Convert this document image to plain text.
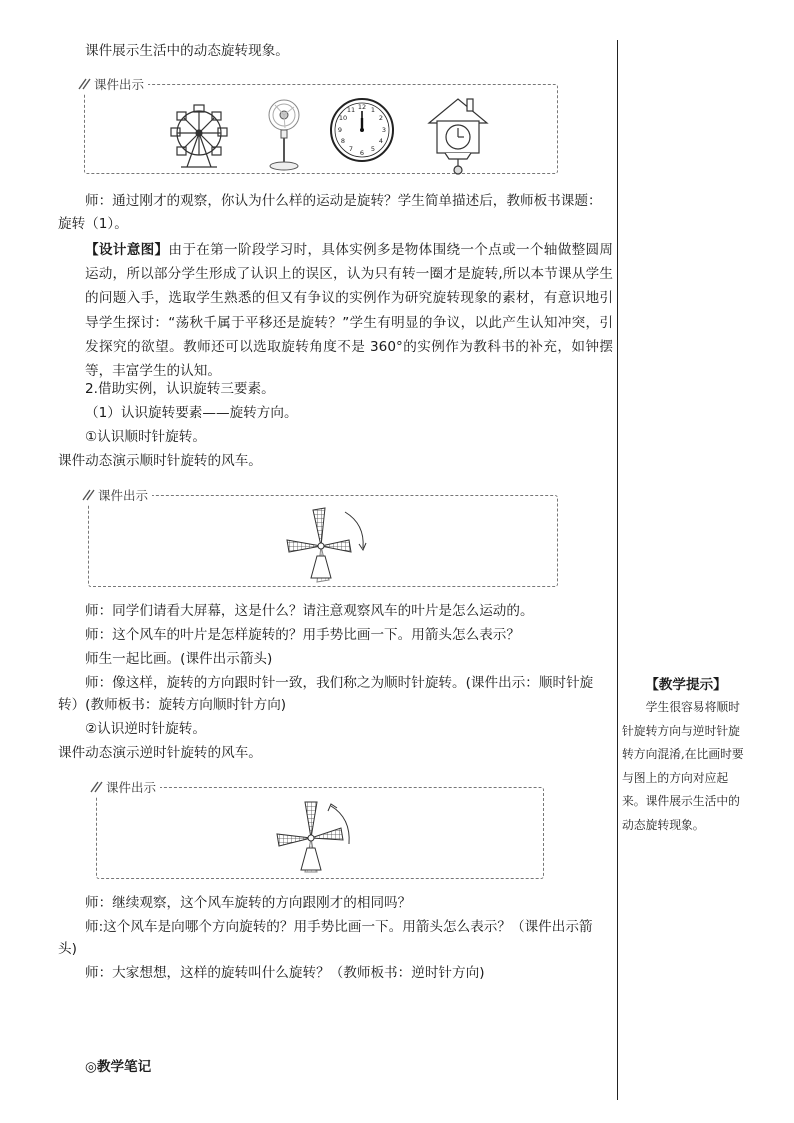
课件展示生活中的动态旋转现象。
课件出示
12 1
2
3
4
5
6
7
8
9
10
11
师：通过刚才的观察，你认为什么样的运动是旋转？学生简单描述后，教师板书课题：
旋转（1）。
【设计意图】由于在第一阶段学习时，具体实例多是物体围绕一个点或一个轴做整圆周运动，所以部分学生形成了认识上的误区，认为只有转一圈才是旋转,所以本节课从学生的问题入手，选取学生熟悉的但又有争议的实例作为研究旋转现象的素材，有意识地引导学生探讨：“荡秋千属于平移还是旋转？”学生有明显的争议，以此产生认知冲突，引发探究的欲望。教师还可以选取旋转角度不是 360°的实例作为教科书的补充，如钟摆等，丰富学生的认知。
2.借助实例，认识旋转三要素。
（1）认识旋转要素——旋转方向。
①认识顺时针旋转。
课件动态演示顺时针旋转的风车。
课件出示
师：同学们请看大屏幕，这是什么？请注意观察风车的叶片是怎么运动的。
师：这个风车的叶片是怎样旋转的？用手势比画一下。用箭头怎么表示？
师生一起比画。(课件出示箭头)
师：像这样，旋转的方向跟时针一致，我们称之为顺时针旋转。(课件出示：顺时针旋
转）(教师板书：旋转方向顺时针方向)
②认识逆时针旋转。
课件动态演示逆时针旋转的风车。
课件出示
师：继续观察，这个风车旋转的方向跟刚才的相同吗？
师:这个风车是向哪个方向旋转的？用手势比画一下。用箭头怎么表示？（课件出示箭
头)
师：大家想想，这样的旋转叫什么旋转？（教师板书：逆时针方向)
◎教学笔记
【教学提示】
学生很容易将顺时针旋转方向与逆时针旋转方向混淆,在比画时要与图上的方向对应起来。课件展示生活中的动态旋转现象。
